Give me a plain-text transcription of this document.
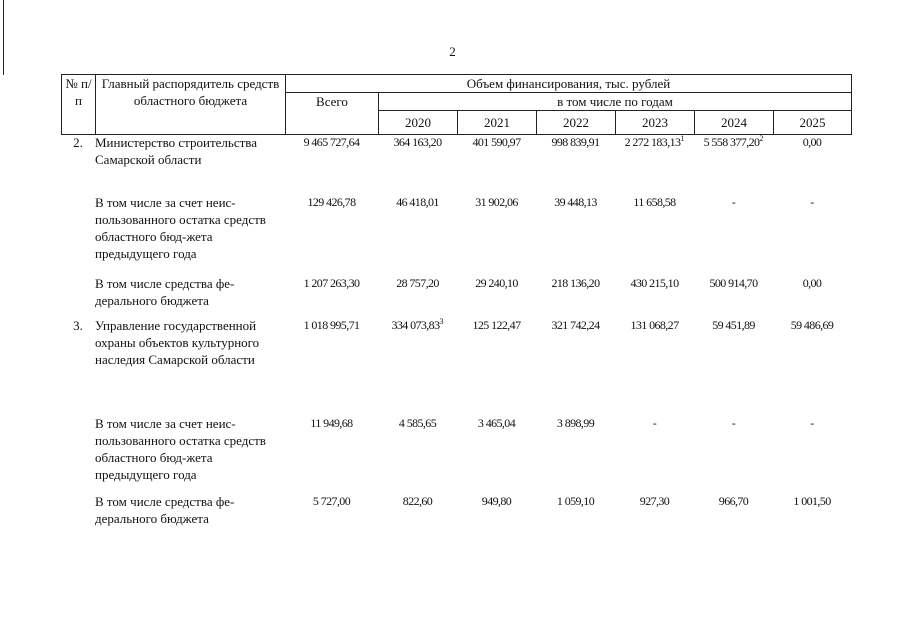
2
№ п/п	Главный распорядитель средств областного бюджета	Объем финансирования, тыс. рублей						
		Всего	в том числе по годам					
			2020	2021	2022	2023	2024	2025
2.	Министерство строительства Самарской области	9 465 727,64	364 163,20	401 590,97	998 839,91	2 272 183,13$^1$	5 558 377,20$^2$	0,00
	В том числе за счет неис-пользованного остатка средств областного бюд-жета предыдущего года	129 426,78	46 418,01	31 902,06	39 448,13	11 658,58	-	-
	В том числе средства фе-дерального бюджета	1 207 263,30	28 757,20	29 240,10	218 136,20	430 215,10	500 914,70	0,00
3.	Управление государственной охраны объектов культурного наследия Самарской области	1 018 995,71	334 073,83$^3$	125 122,47	321 742,24	131 068,27	59 451,89	59 486,69
	В том числе за счет неис-пользованного остатка средств областного бюд-жета предыдущего года	11 949,68	4 585,65	3 465,04	3 898,99	-	-	-
	В том числе средства фе-дерального бюджета	5 727,00	822,60	949,80	1 059,10	927,30	966,70	1 001,50
